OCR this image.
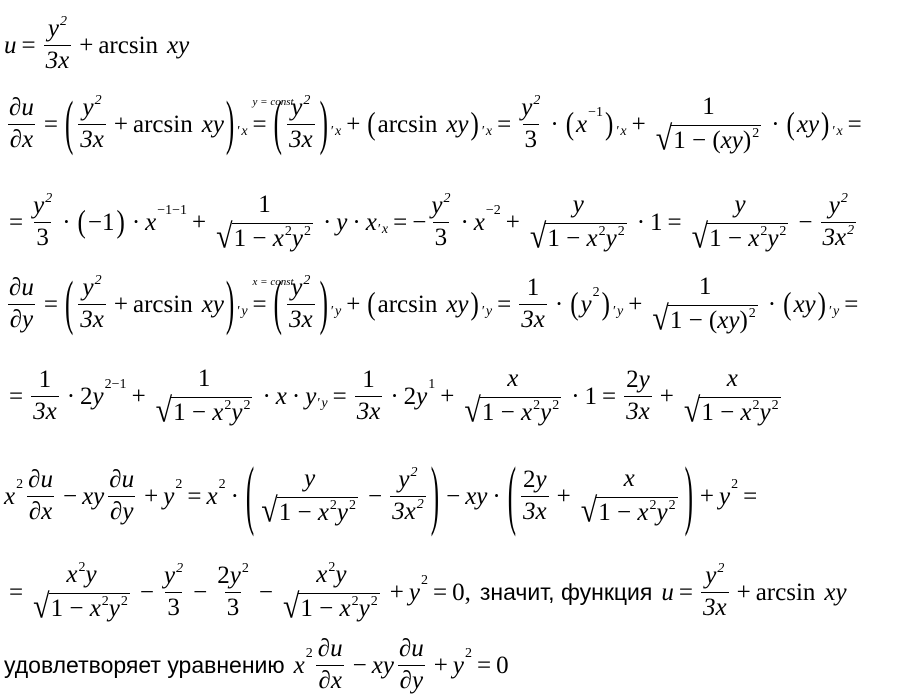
$u = \frac{y^2}{3x} + \arcsin$ xy
$\frac{\partial u}{\partial x}$ = ( $\frac{y^2}{3x} + \arcsin$ xy ) ′ x
y = const
= ( $\frac{y^2}{3x}$ ) ′ x + ( arcsin xy ) ′ $x = \frac{y^2}{3}$ · ( $x^{-1}$ ) ′ x +
1
√ 1 − (xy)$^2$ · ( xy ) ′ x =
= $\frac{y^2}{3}$ · ( −1 ) · $x^{-1-1}$ +
1
√ $1 - x^2y^2 \cdot y \cdot x$ ′ x = − $\frac{y^2}{3} \cdot x^{-2}$ +
y
√ $1 - x^2y^2 \cdot 1$ =
y
√ $1 - x^2y^2 - \frac{y^2}{3x^2}$
$\frac{\partial u}{\partial y}$ = ( $\frac{y^2}{3x} + \arcsin$ xy ) ′ y
x = const
= ( $\frac{y^2}{3x}$ ) ′ y + ( arcsin xy ) ′ $y = \frac{1}{3x}$ · ( $y^2$ ) ′ y +
1
√ 1 − (xy)$^2$ · ( xy ) ′ y =
= $\frac{1}{3x} \cdot 2$ $y^{2-1}$ +
1
√ $1 - x^2y^2 \cdot x \cdot y$ ′ $y = \frac{1}{3x} \cdot 2$ $y^1$ +
x
√ $1 - x^2y^2 \cdot 1 = \frac{2y}{3x}$ +
x
√ $1 - x^2y^2$
$x^2 \frac{\partial u}{\partial x}$ − xy $\frac{\partial u}{\partial y} + y^2 = x^2$ · ( y
√ $1 - x^2y^2 - \frac{y^2}{3x^2}$ ) − xy · ( $\frac{2y}{3x}$ +
x
√ $1 - x^2y^2$ ) + $y^2$ =
=
$x^2y$
√ $1 - x^2y^2 - \frac{y^2}{3} - \frac{2y^2}{3}$ −
$x^2y$
√ $1 - x^2y^2 + y^2 = 0$ , значит, функция $u = \frac{y^2}{3x} + \arcsin$ xy
удовлетворяет уравнению $x^2 \frac{\partial u}{\partial x}$ − xy $\frac{\partial u}{\partial y} + y^2 = 0$
